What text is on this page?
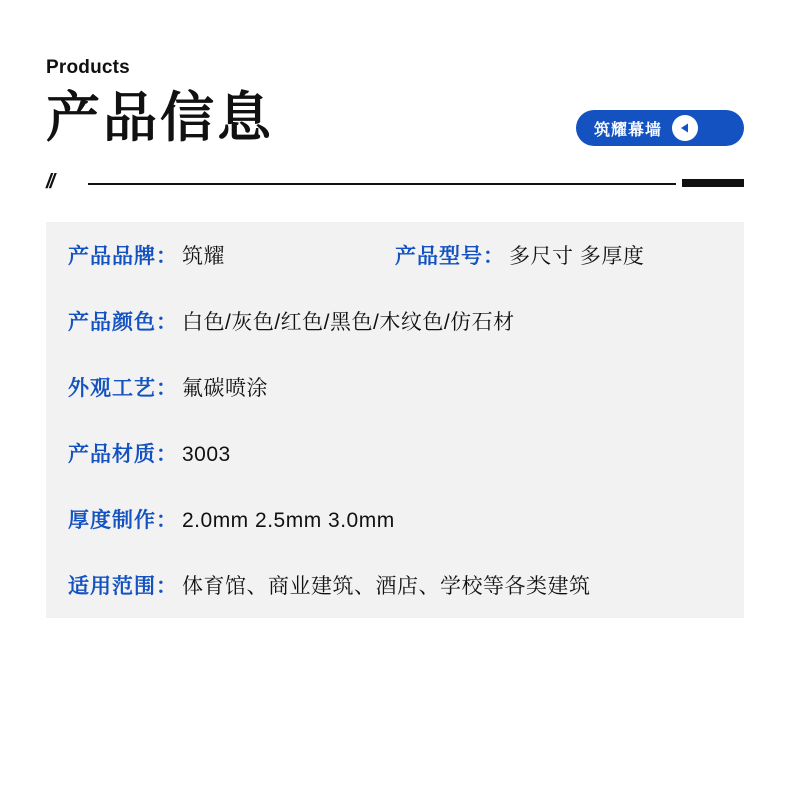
Products
产品信息	筑耀幕墙
//
产品品牌： 筑耀	产品型号： 多尺寸 多厚度
产品颜色： 白色/灰色/红色/黑色/木纹色/仿石材
外观工艺： 氟碳喷涂
产品材质： 3003
厚度制作： 2.0mm 2.5mm 3.0mm
适用范围： 体育馆、商业建筑、酒店、学校等各类建筑
